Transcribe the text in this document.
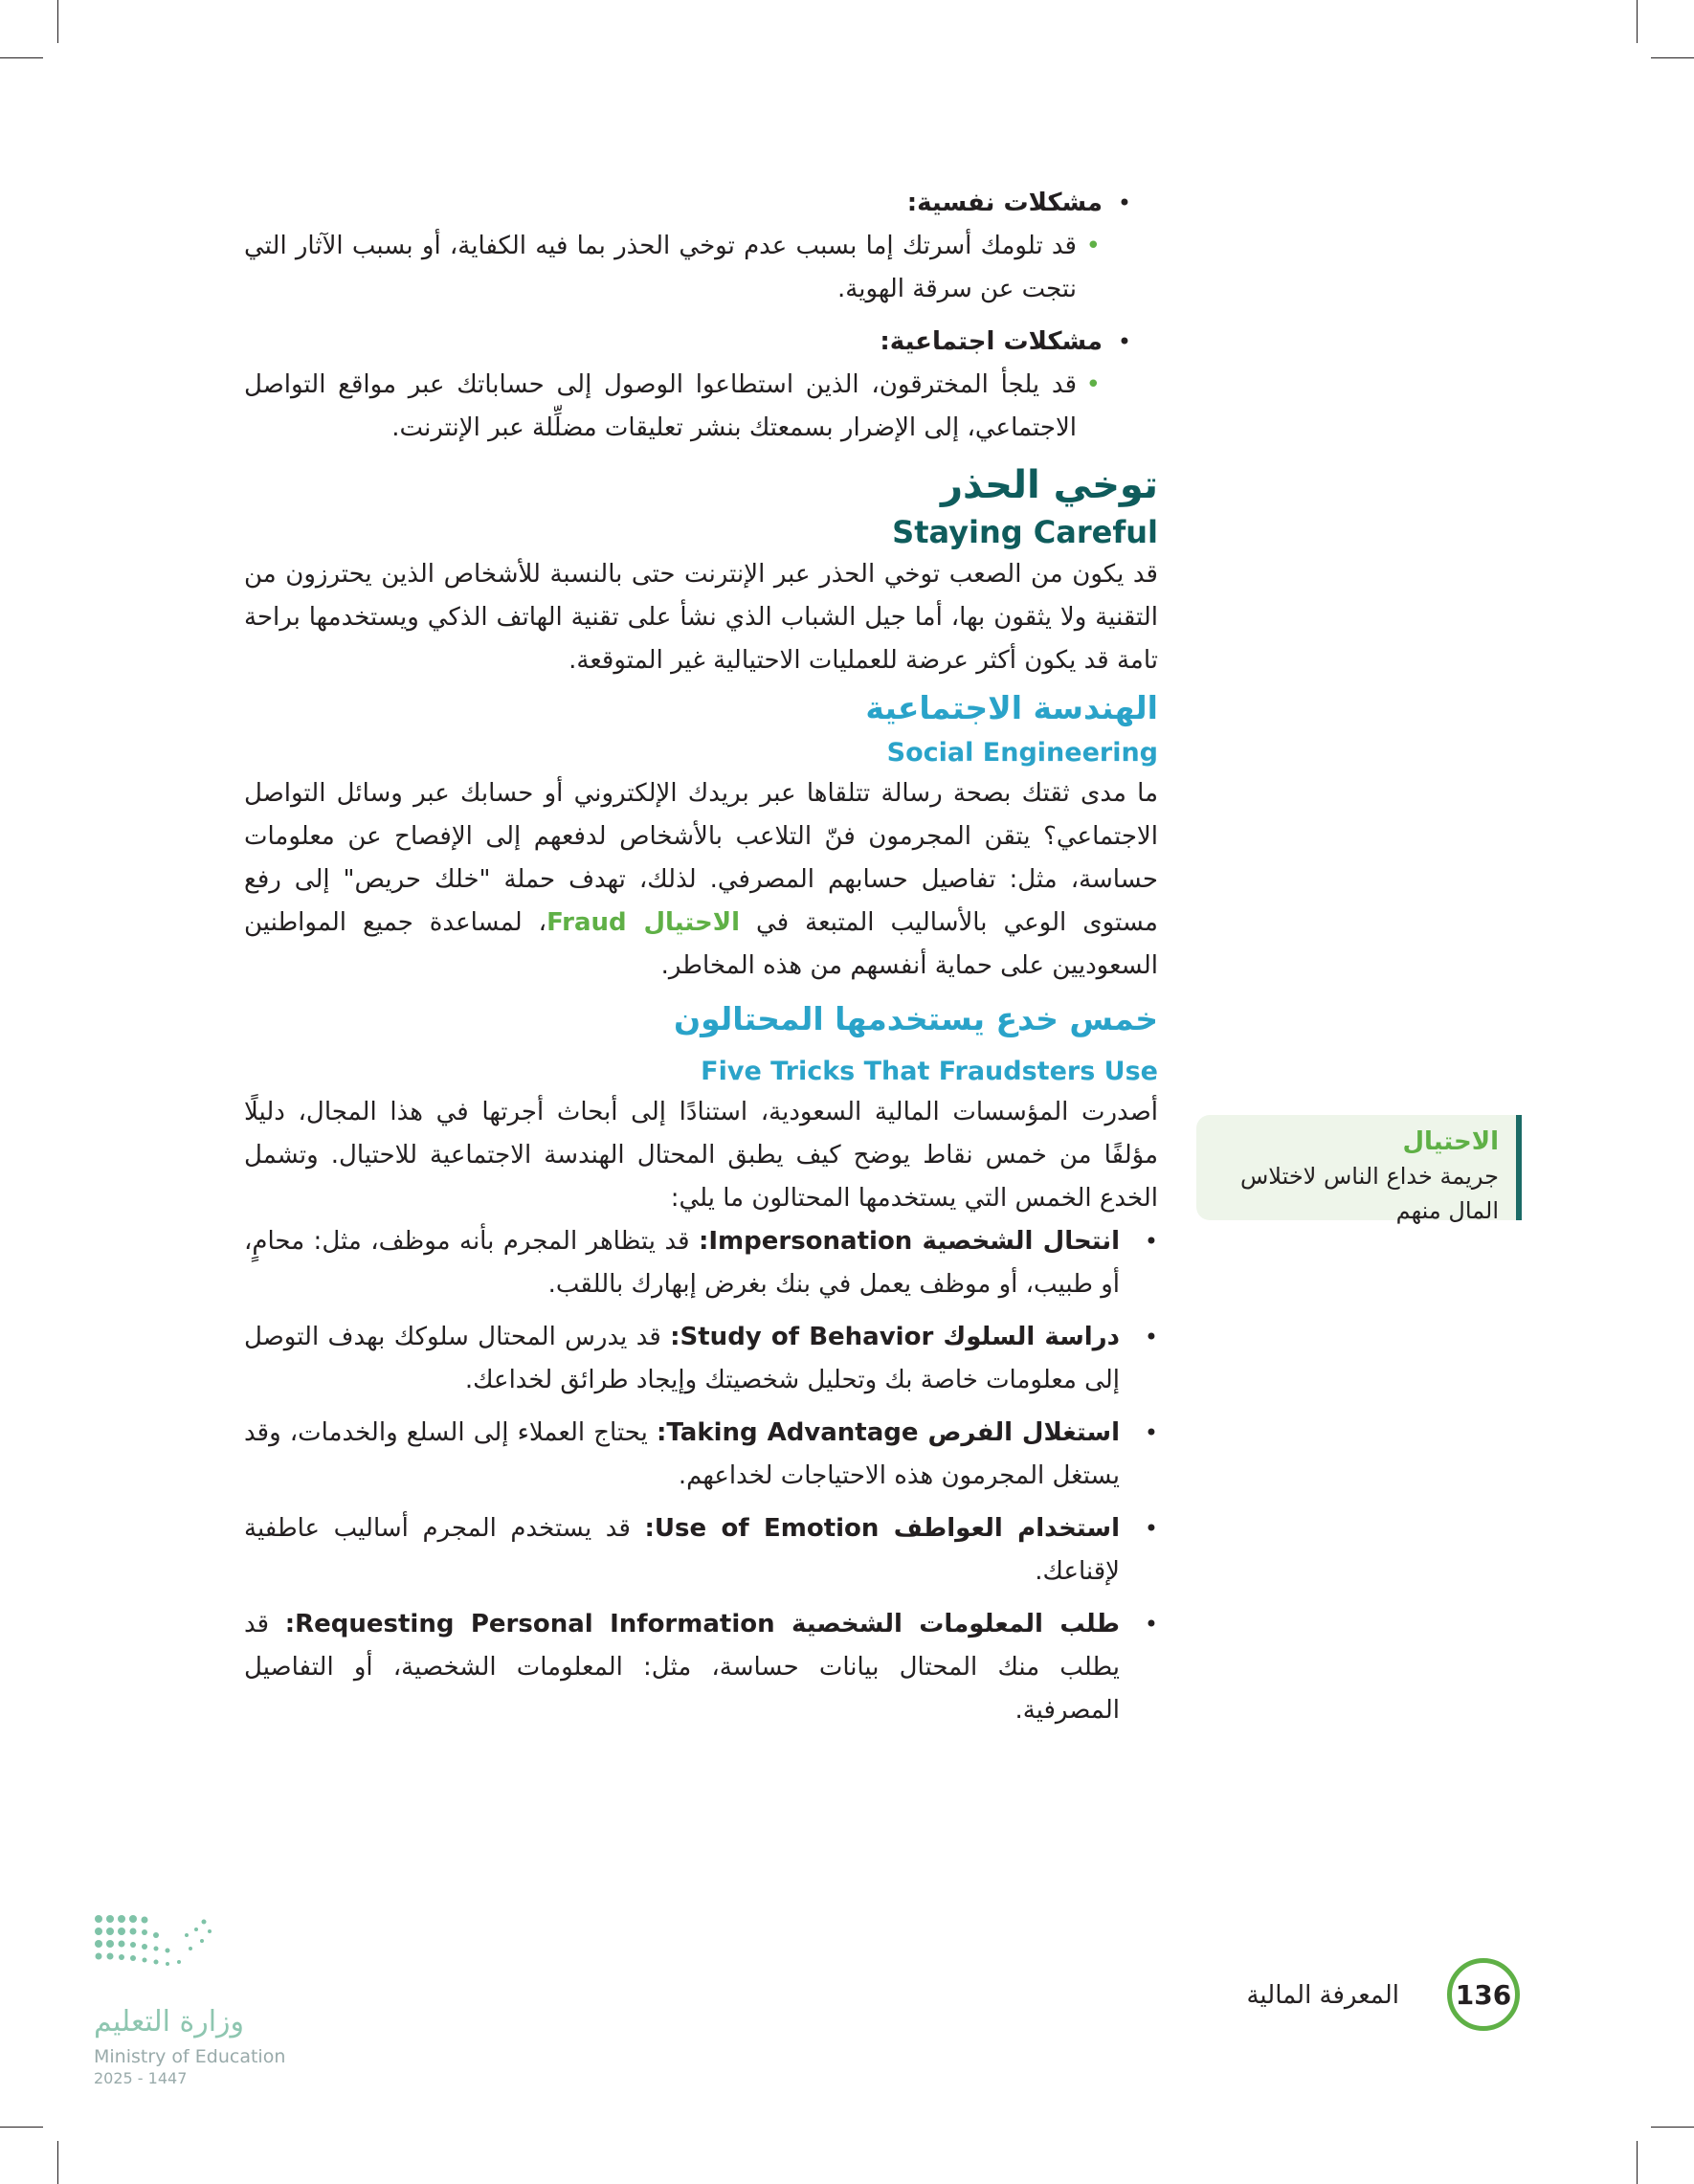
•
مشكلات نفسية:
•
قد تلومك أسرتك إما بسبب عدم توخي الحذر بما فيه الكفاية، أو بسبب الآثار التي نتجت عن سرقة الهوية.
•
مشكلات اجتماعية:
•
قد يلجأ المخترقون، الذين استطاعوا الوصول إلى حساباتك عبر مواقع التواصل الاجتماعي، إلى الإضرار بسمعتك بنشر تعليقات مضلِّلة عبر الإنترنت.
توخي الحذر
Staying Careful

قد يكون من الصعب توخي الحذر عبر الإنترنت حتى بالنسبة للأشخاص الذين يحترزون من التقنية ولا يثقون بها، أما جيل الشباب الذي نشأ على تقنية الهاتف الذكي ويستخدمها براحة تامة قد يكون أكثر عرضة للعمليات الاحتيالية غير المتوقعة.

الهندسة الاجتماعية
Social Engineering

ما مدى ثقتك بصحة رسالة تتلقاها عبر بريدك الإلكتروني أو حسابك عبر وسائل التواصل الاجتماعي؟ يتقن المجرمون فنّ التلاعب بالأشخاص لدفعهم إلى الإفصاح عن معلومات حساسة، مثل: تفاصيل حسابهم المصرفي. لذلك، تهدف حملة "خلك حريص" إلى رفع مستوى الوعي بالأساليب المتبعة في الاحتيال Fraud، لمساعدة جميع المواطنين السعوديين على حماية أنفسهم من هذه المخاطر.

خمس خدع يستخدمها المحتالون
Five Tricks That Fraudsters Use

أصدرت المؤسسات المالية السعودية، استنادًا إلى أبحاث أجرتها في هذا المجال، دليلًا مؤلفًا من خمس نقاط يوضح كيف يطبق المحتال الهندسة الاجتماعية للاحتيال. وتشمل الخدع الخمس التي يستخدمها المحتالون ما يلي:

•
انتحال الشخصية Impersonation: قد يتظاهر المجرم بأنه موظف، مثل: محامٍ، أو طبيب، أو موظف يعمل في بنك بغرض إبهارك باللقب.
•
دراسة السلوك Study of Behavior: قد يدرس المحتال سلوكك بهدف التوصل إلى معلومات خاصة بك وتحليل شخصيتك وإيجاد طرائق لخداعك.
•
استغلال الفرص Taking Advantage: يحتاج العملاء إلى السلع والخدمات، وقد يستغل المجرمون هذه الاحتياجات لخداعهم.
•
استخدام العواطف Use of Emotion: قد يستخدم المجرم أساليب عاطفية لإقناعك.
•
طلب المعلومات الشخصية Requesting Personal Information: قد يطلب منك المحتال بيانات حساسة، مثل: المعلومات الشخصية، أو التفاصيل المصرفية.
الاحتيال
جريمة خداع الناس لاختلاس المال منهم
المعرفة المالية	136
وزارة التعليم
Ministry of Education
2025 - 1447
